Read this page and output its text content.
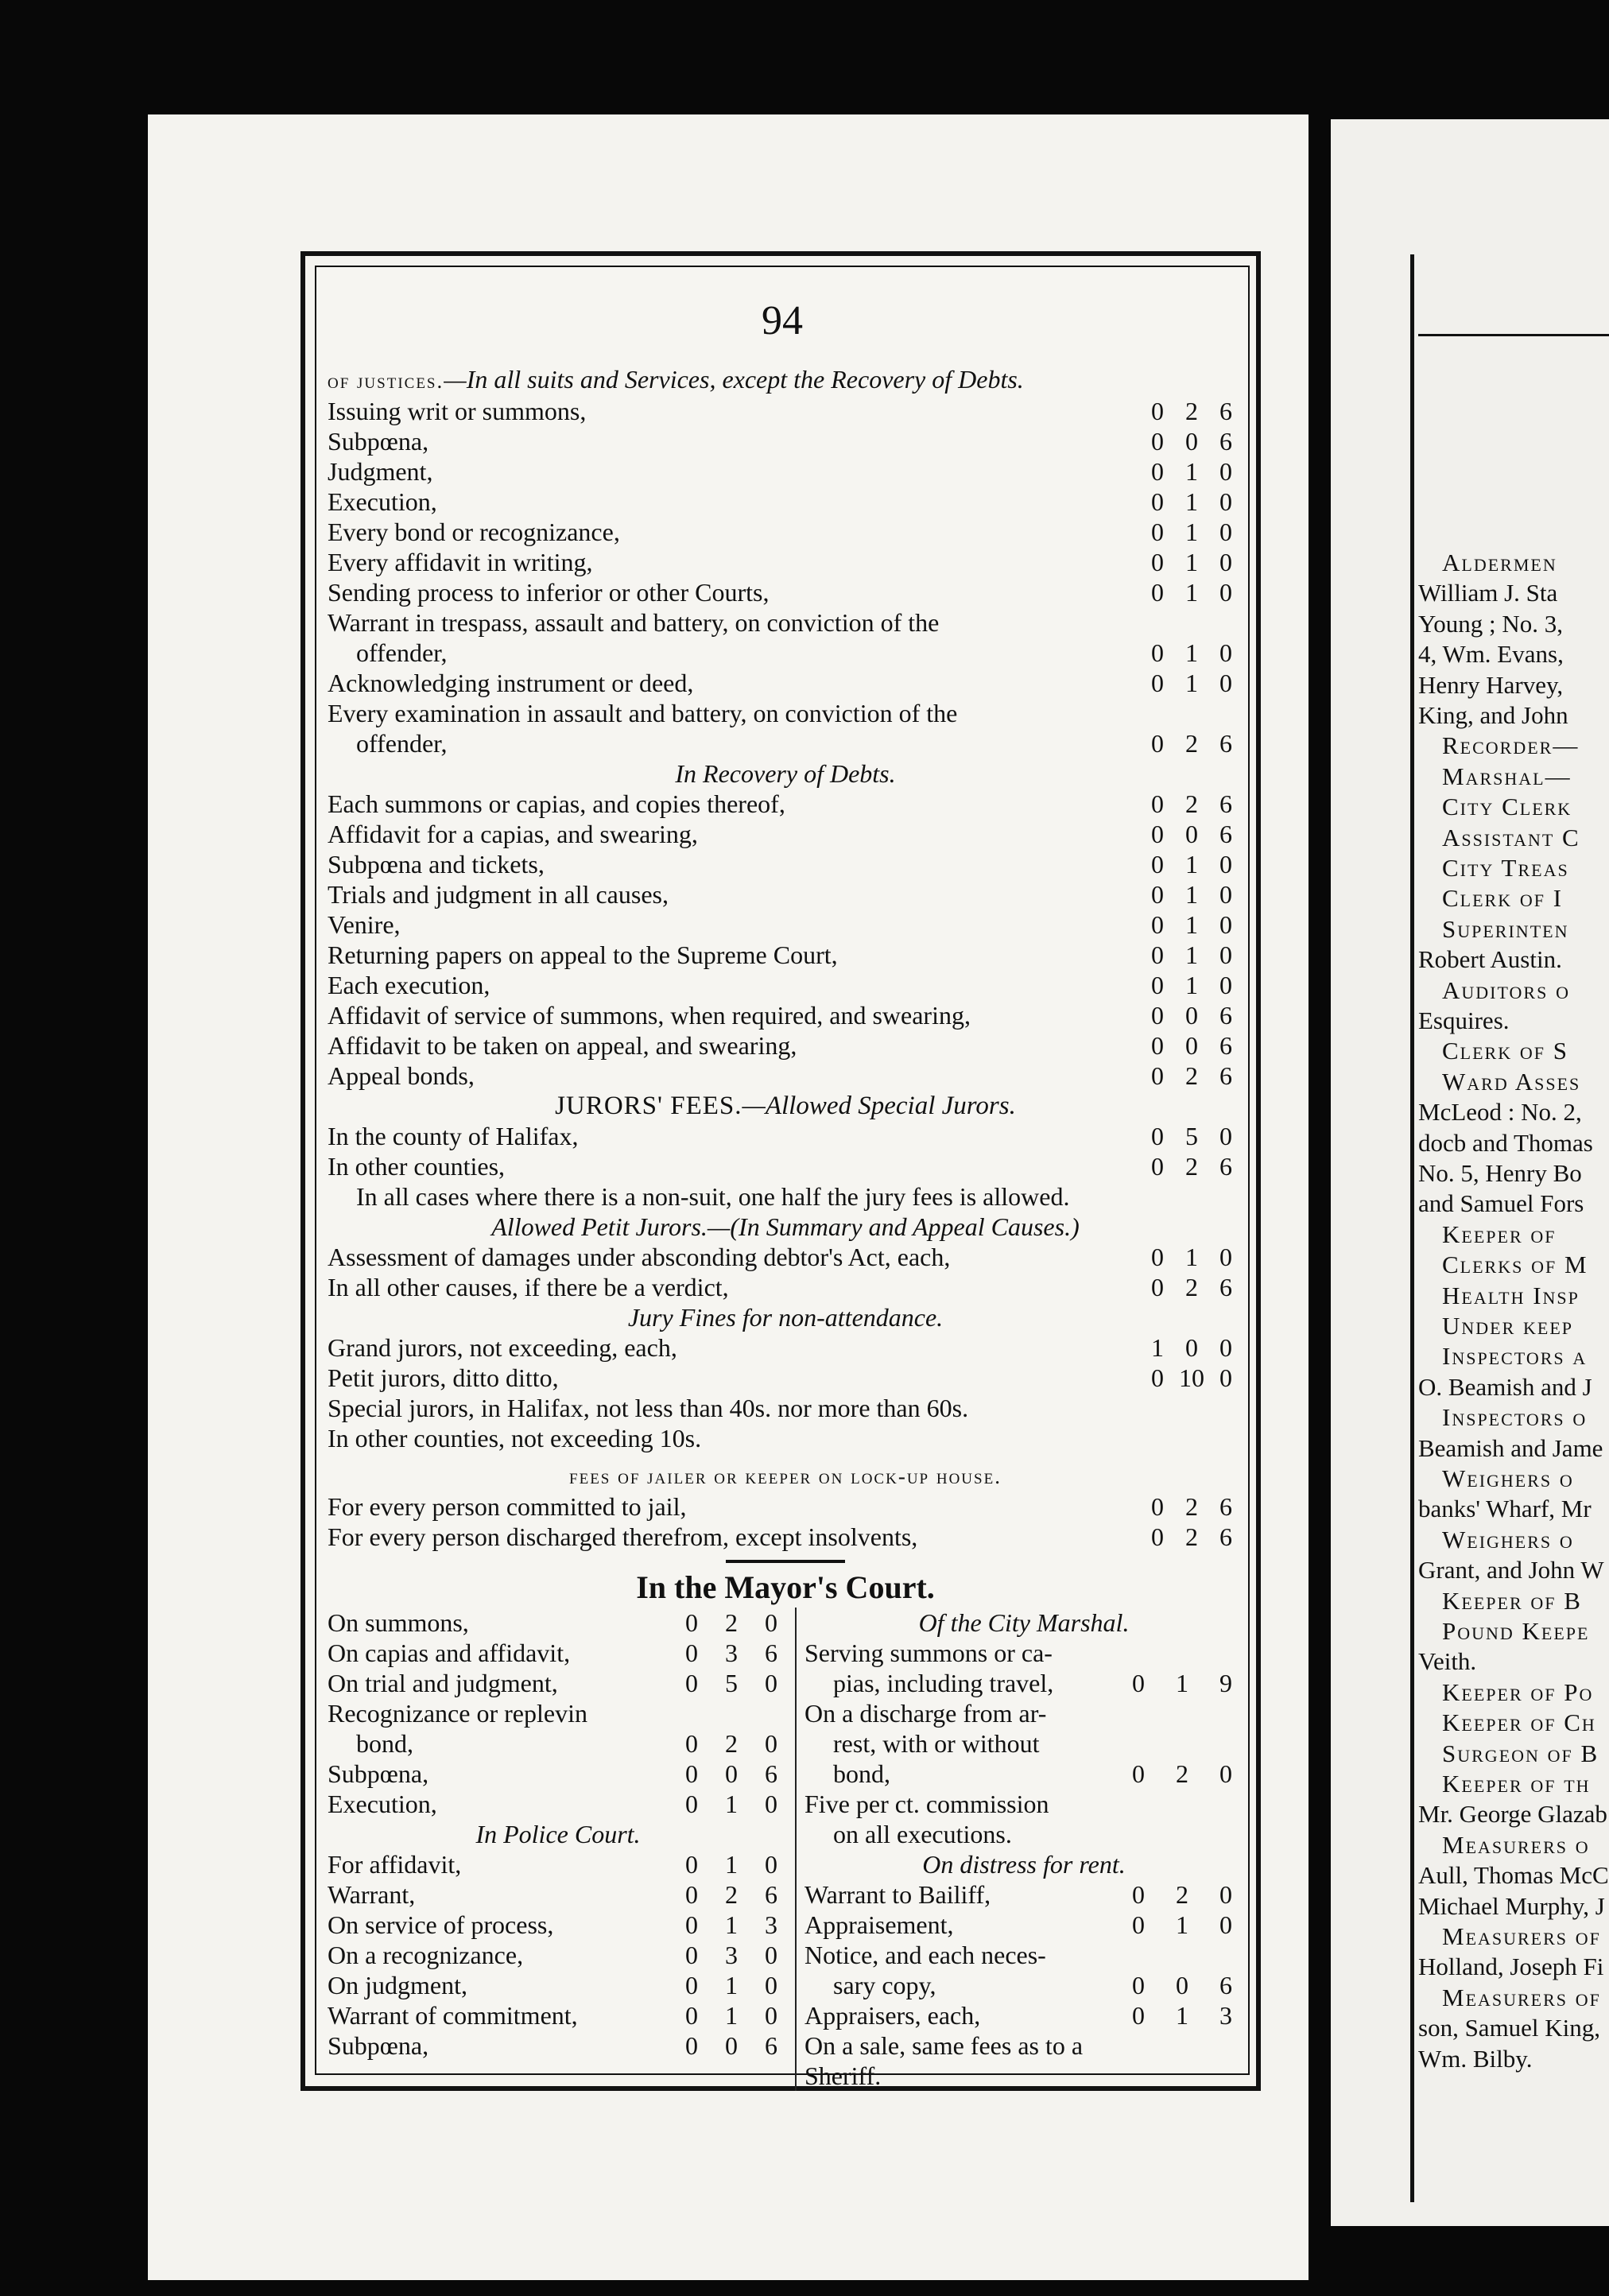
Aldermen
William J. Sta
Young ; No. 3,
4, Wm. Evans,
Henry Harvey,
King, and John
Recorder—
Marshal—
City Clerk
Assistant C
City Treas
Clerk of I
Superinten
Robert Austin.
Auditors o
Esquires.
Clerk of S
Ward Asses
McLeod : No. 2,
docb and Thomas
No. 5, Henry Bo
and Samuel Fors
Keeper of
Clerks of M
Health Insp
Under keep
Inspectors a
O. Beamish and J
Inspectors o
Beamish and Jame
Weighers o
banks' Wharf, Mr
Weighers o
Grant, and John W
Keeper of B
Pound Keepe
Veith.
Keeper of Po
Keeper of Ch
Surgeon of B
Keeper of th
Mr. George Glazab
Measurers o
Aull, Thomas McC
Michael Murphy, J
Measurers of
Holland, Joseph Fi
Measurers of
son, Samuel King,
Wm. Bilby.
94
of justices.—In all suits and Services, except the Recovery of Debts.
Issuing writ or summons,	0 2 6
Subpœna,	0 0 6
Judgment,	0 1 0
Execution,	0 1 0
Every bond or recognizance,	0 1 0
Every affidavit in writing,	0 1 0
Sending process to inferior or other Courts,	0 1 0
Warrant in trespass, assault and battery, on conviction of the
offender,	0 1 0
Acknowledging instrument or deed,	0 1 0
Every examination in assault and battery, on conviction of the
offender,	0 2 6
In Recovery of Debts.
Each summons or capias, and copies thereof,	0 2 6
Affidavit for a capias, and swearing,	0 0 6
Subpœna and tickets,	0 1 0
Trials and judgment in all causes,	0 1 0
Venire,	0 1 0
Returning papers on appeal to the Supreme Court,	0 1 0
Each execution,	0 1 0
Affidavit of service of summons, when required, and swearing,	0 0 6
Affidavit to be taken on appeal, and swearing,	0 0 6
Appeal bonds,	0 2 6
JURORS' FEES.—Allowed Special Jurors.
In the county of Halifax,	0 5 0
In other counties,	0 2 6
In all cases where there is a non-suit, one half the jury fees is allowed.
Allowed Petit Jurors.—(In Summary and Appeal Causes.)
Assessment of damages under absconding debtor's Act, each,	0 1 0
In all other causes, if there be a verdict,	0 2 6
Jury Fines for non-attendance.
Grand jurors, not exceeding, each,	1 0 0
Petit jurors, ditto ditto,	0 10 0
Special jurors, in Halifax, not less than 40s. nor more than 60s.
In other counties, not exceeding 10s.
fees of jailer or keeper on lock-up house.
For every person committed to jail,	0 2 6
For every person discharged therefrom, except insolvents,	0 2 6
In the Mayor's Court.
On summons,	0	2	0
On capias and affidavit,	0	3	6
On trial and judgment,	0	5	0
Recognizance or replevin
bond,	0	2	0
Subpœna,	0	0	6
Execution,	0	1	0
In Police Court.
For affidavit,	0	1	0
Warrant,	0	2	6
On service of process,	0	1	3
On a recognizance,	0	3	0
On judgment,	0	1	0
Warrant of commitment,	0	1	0
Subpœna,	0	0	6
Of the City Marshal.
Serving summons or ca-
pias, including travel,	0	1	9
On a discharge from ar-
rest, with or without
bond,	0	2	0
Five per ct. commission
on all executions.
On distress for rent.
Warrant to Bailiff,	0	2	0
Appraisement,	0	1	0
Notice, and each neces-
sary copy,	0	0	6
Appraisers, each,	0	1	3
On a sale, same fees as to a Sheriff.
